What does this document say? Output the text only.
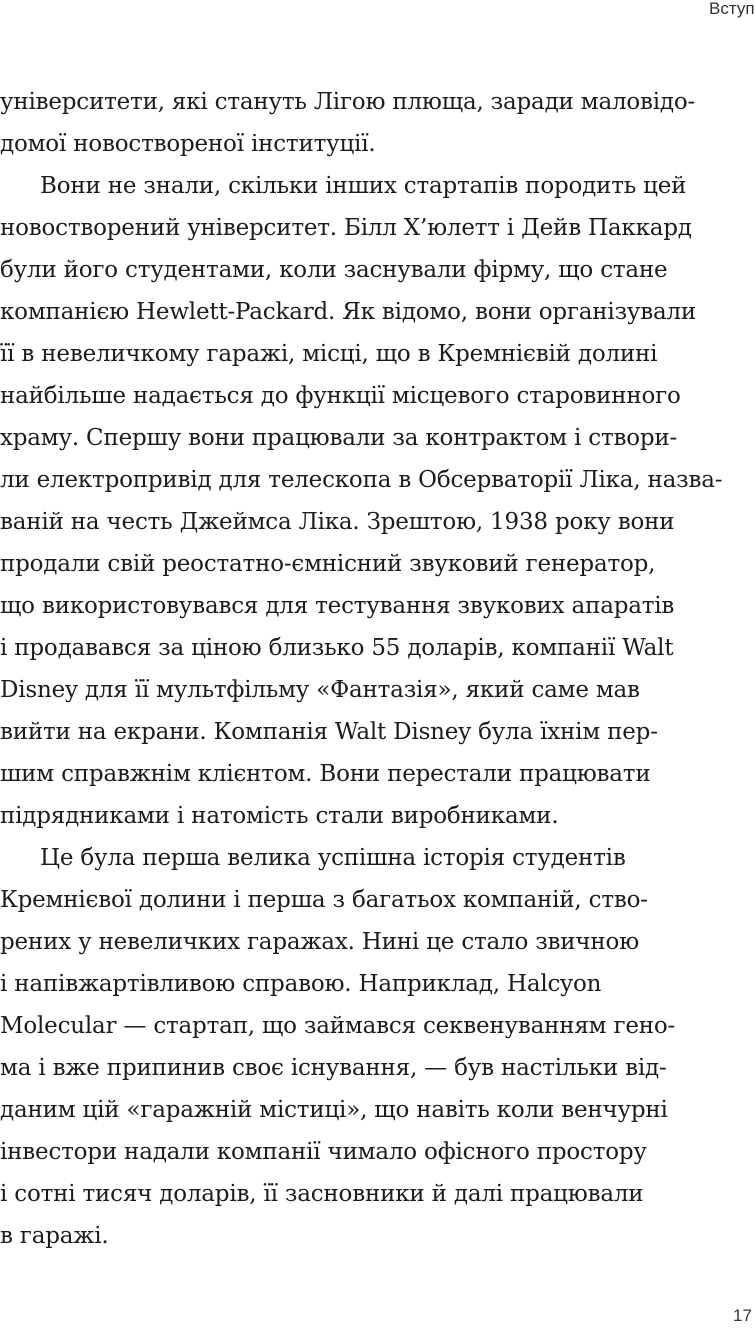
Вступ
університети, які стануть Лігою плюща, заради маловідо-
домої новоствореної інституції.
Вони не знали, скільки інших стартапів породить цей
новостворений університет. Білл Х’юлетт і Дейв Паккард
були його студентами, коли заснували фірму, що стане
компанією Hewlett-Packard. Як відомо, вони організували
її в невеличкому гаражі, місці, що в Кремнієвій долині
найбільше надається до функції місцевого старовинного
храму. Спершу вони працювали за контрактом і створи-
ли електропривід для телескопа в Обсерваторії Ліка, назва-
ваній на честь Джеймса Ліка. Зрештою, 1938 року вони
продали свій реостатно-ємнісний звуковий генератор,
що використовувався для тестування звукових апаратів
і продавався за ціною близько 55 доларів, компанії Walt
Disney для її мультфільму «Фантазія», який саме мав
вийти на екрани. Компанія Walt Disney була їхнім пер-
шим справжнім клієнтом. Вони перестали працювати
підрядниками і натомість стали виробниками.
Це була перша велика успішна історія студентів
Кремнієвої долини і перша з багатьох компаній, ство-
рених у невеличких гаражах. Нині це стало звичною
і напівжартівливою справою. Наприклад, Halcyon
Molecular — стартап, що займався секвенуванням гено-
ма і вже припинив своє існування, — був настільки від-
даним цій «гаражній містиці», що навіть коли венчурні
інвестори надали компанії чимало офісного простору
і сотні тисяч доларів, її засновники й далі працювали
в гаражі.
17
